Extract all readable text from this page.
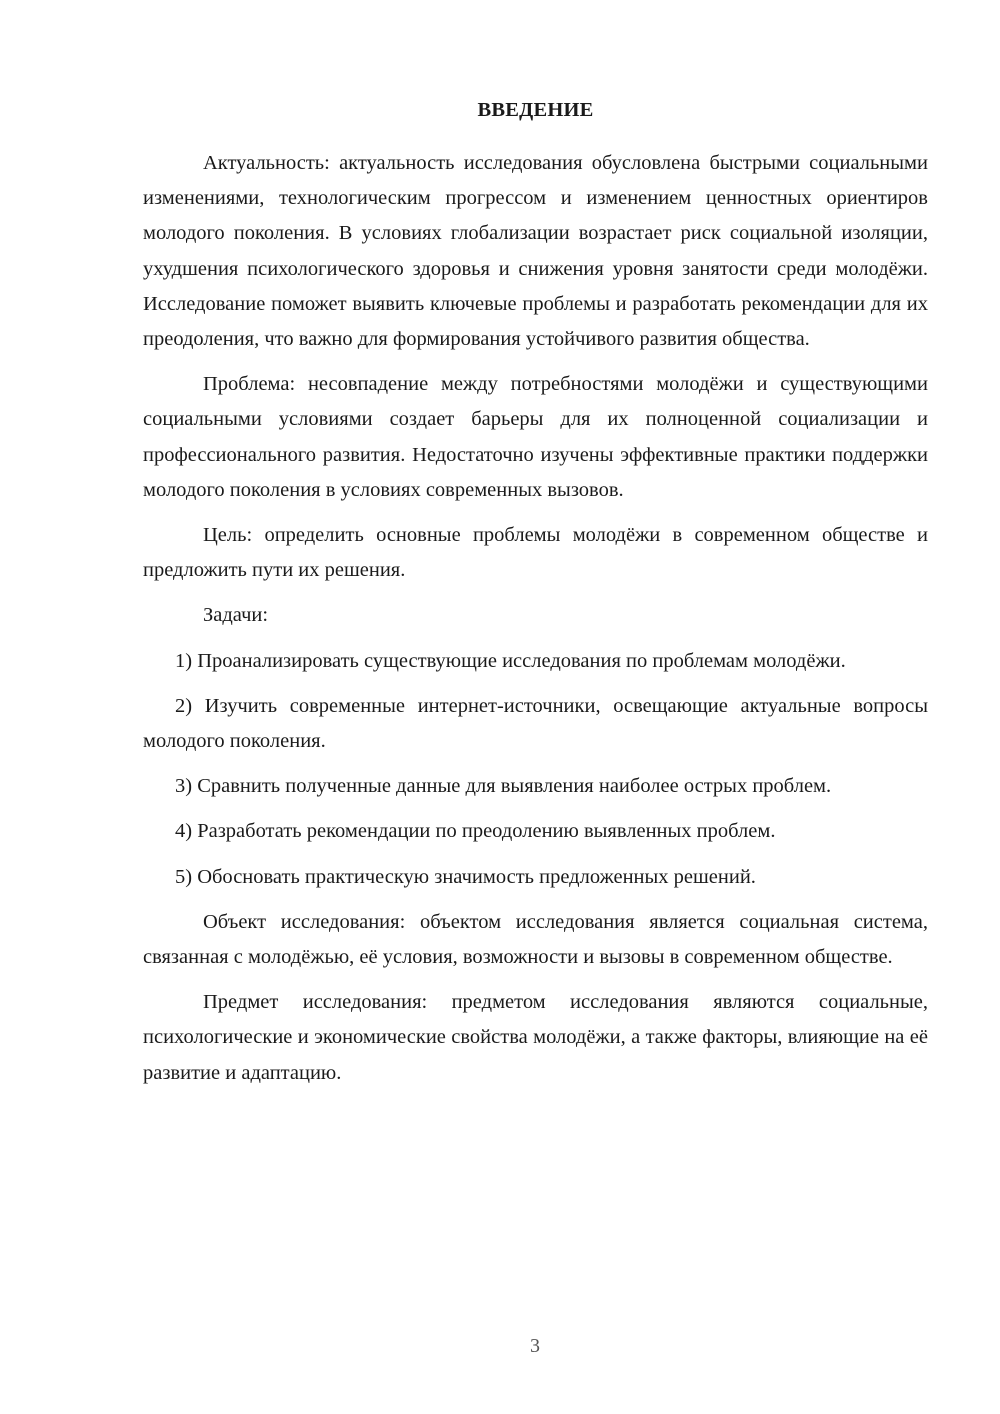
ВВЕДЕНИЕ

Актуальность: актуальность исследования обусловлена быстрыми социальными изменениями, технологическим прогрессом и изменением ценностных ориентиров молодого поколения. В условиях глобализации возрастает риск социальной изоляции, ухудшения психологического здоровья и снижения уровня занятости среди молодёжи. Исследование поможет выявить ключевые проблемы и разработать рекомендации для их преодоления, что важно для формирования устойчивого развития общества.

Проблема: несовпадение между потребностями молодёжи и существующими социальными условиями создает барьеры для их полноценной социализации и профессионального развития. Недостаточно изучены эффективные практики поддержки молодого поколения в условиях современных вызовов.

Цель: определить основные проблемы молодёжи в современном обществе и предложить пути их решения.

Задачи:

1) Проанализировать существующие исследования по проблемам молодёжи.

2) Изучить современные интернет-источники, освещающие актуальные вопросы молодого поколения.

3) Сравнить полученные данные для выявления наиболее острых проблем.

4) Разработать рекомендации по преодолению выявленных проблем.

5) Обосновать практическую значимость предложенных решений.

Объект исследования: объектом исследования является социальная система, связанная с молодёжью, её условия, возможности и вызовы в современном обществе.

Предмет исследования: предметом исследования являются социальные, психологические и экономические свойства молодёжи, а также факторы, влияющие на её развитие и адаптацию.

3
